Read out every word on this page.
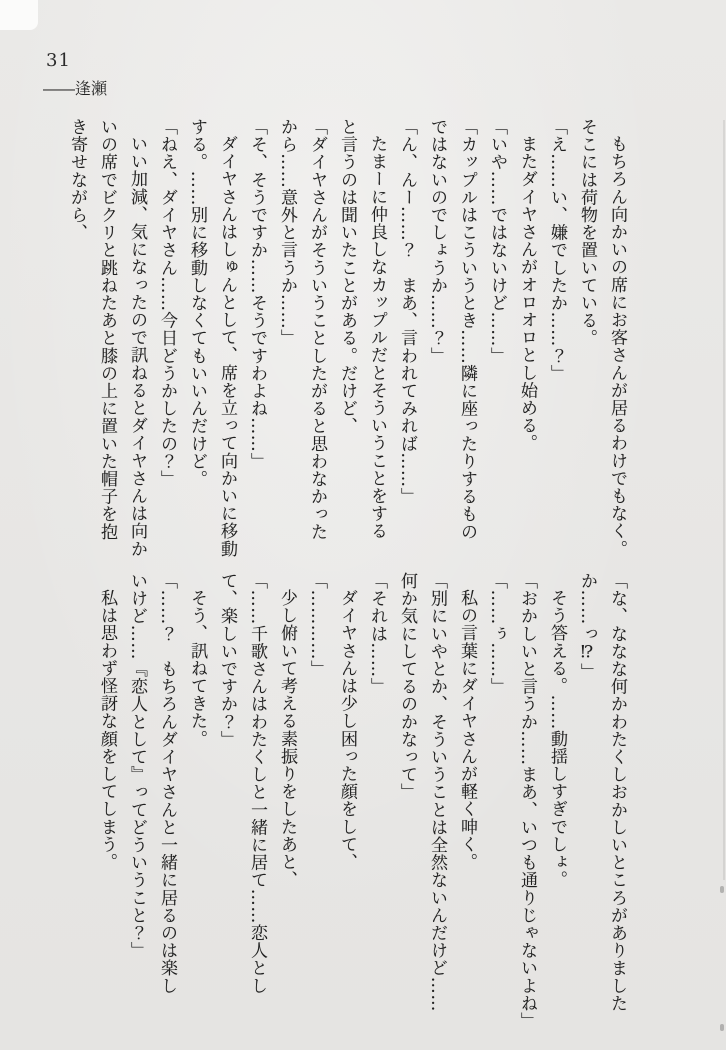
31
――逢瀬

もちろん向かいの席にお客さんが居るわけでもなく。

そこには荷物を置いている。

「え……い、嫌でしたか……？」

またダイヤさんがオロオロとし始める。

「いや……ではないけど……」

「カップルはこういうとき……隣に座ったりするもの

ではないのでしょうか……？」

「ん、んー……？　まあ、言われてみれば……」

たまーに仲良しなカップルだとそういうことをする

と言うのは聞いたことがある。だけど、

「ダイヤさんがそういうことしたがると思わなかった

から……意外と言うか……」

「そ、そうですか……そうですわよね……」

ダイヤさんはしゅんとして、席を立って向かいに移動

する。……別に移動しなくてもいいんだけど。

「ねえ、ダイヤさん……今日どうかしたの？」

いい加減、気になったので訊ねるとダイヤさんは向か

いの席でビクリと跳ねたあと膝の上に置いた帽子を抱

き寄せながら、

「な、ななな何かわたくしおかしいところがありました

か……っ⁉」

そう答える。……動揺しすぎでしょ。

「おかしいと言うか……まあ、いつも通りじゃないよね」

「……ぅ……」

私の言葉にダイヤさんが軽く呻く。

「別にいやとか、そういうことは全然ないんだけど……

何か気にしてるのかなって」

「それは……」

ダイヤさんは少し困った顔をして、

「…………」

少し俯いて考える素振りをしたあと、

「……千歌さんはわたくしと一緒に居て……恋人とし

て、楽しいですか？」

そう、訊ねてきた。

「……？　もちろんダイヤさんと一緒に居るのは楽し

いけど……『恋人として』ってどういうこと？」

私は思わず怪訝な顔をしてしまう。
